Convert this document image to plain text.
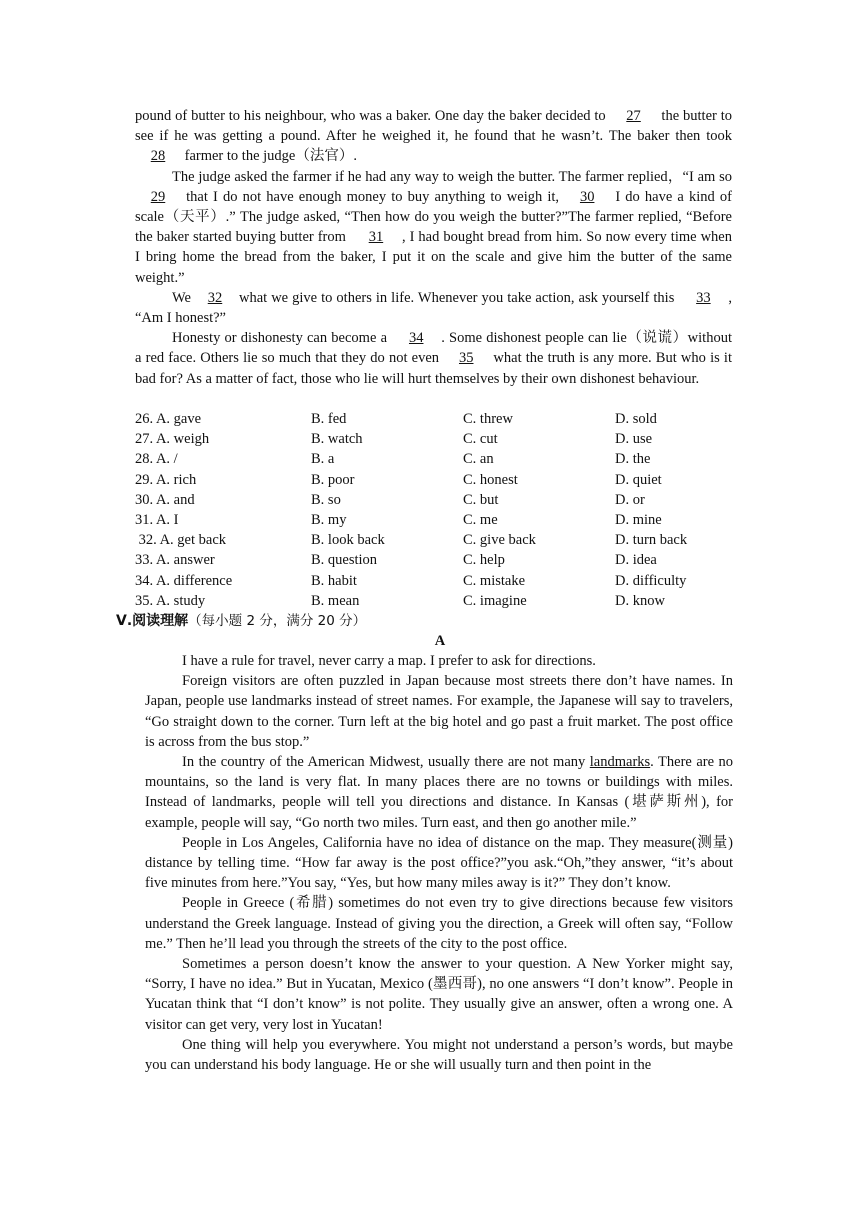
pound of butter to his neighbour, who was a baker. One day the baker decided to 27 the butter to see if he was getting a pound. After he weighed it, he found that he wasn’t. The baker then took 28 farmer to the judge（法官）.
The judge asked the farmer if he had any way to weigh the butter. The farmer replied，“I am so 29 that I do not have enough money to buy anything to weigh it, 30 I do have a kind of scale（天平）.” The judge asked, “Then how do you weigh the butter?”The farmer replied, “Before the baker started buying butter from 31 , I had bought bread from him. So now every time when I bring home the bread from the baker, I put it on the scale and give him the butter of the same weight.”
We 32 what we give to others in life. Whenever you take action, ask yourself this 33 , “Am I honest?”
Honesty or dishonesty can become a 34 . Some dishonest people can lie（说谎）without a red face. Others lie so much that they do not even 35 what the truth is any more. But who is it bad for? As a matter of fact, those who lie will hurt themselves by their own dishonest behaviour.
26. A. gave	B. fed	C. threw	D. sold
27. A. weigh	B. watch	C. cut	D. use
28. A. /	B. a	C. an	D. the
29. A. rich	B. poor	C. honest	D. quiet
30. A. and	B. so	C. but	D. or
31. A. I	B. my	C. me	D. mine
32. A. get back	B. look back	C. give back	D. turn back
33. A. answer	B. question	C. help	D. idea
34. A. difference	B. habit	C. mistake	D. difficulty
35. A. study	B. mean	C. imagine	D. know
Ⅴ.阅读理解（每小题 2 分，满分 20 分）
A
I have a rule for travel, never carry a map. I prefer to ask for directions.
Foreign visitors are often puzzled in Japan because most streets there don’t have names. In Japan, people use landmarks instead of street names. For example, the Japanese will say to travelers, “Go straight down to the corner. Turn left at the big hotel and go past a fruit market. The post office is across from the bus stop.”
In the country of the American Midwest, usually there are not many landmarks. There are no mountains, so the land is very flat. In many places there are no towns or buildings with miles. Instead of landmarks, people will tell you directions and distance. In Kansas (堪萨斯州), for example, people will say, “Go north two miles. Turn east, and then go another mile.”
People in Los Angeles, California have no idea of distance on the map. They measure(测量) distance by telling time. “How far away is the post office?”you ask.“Oh,”they answer, “it’s about five minutes from here.”You say, “Yes, but how many miles away is it?” They don’t know.
People in Greece (希腊) sometimes do not even try to give directions because few visitors understand the Greek language. Instead of giving you the direction, a Greek will often say, “Follow me.” Then he’ll lead you through the streets of the city to the post office.
Sometimes a person doesn’t know the answer to your question. A New Yorker might say, “Sorry, I have no idea.” But in Yucatan, Mexico (墨西哥), no one answers “I don’t know”. People in Yucatan think that “I don’t know” is not polite. They usually give an answer, often a wrong one. A visitor can get very, very lost in Yucatan!
One thing will help you everywhere. You might not understand a person’s words, but maybe you can understand his body language. He or she will usually turn and then point in the
